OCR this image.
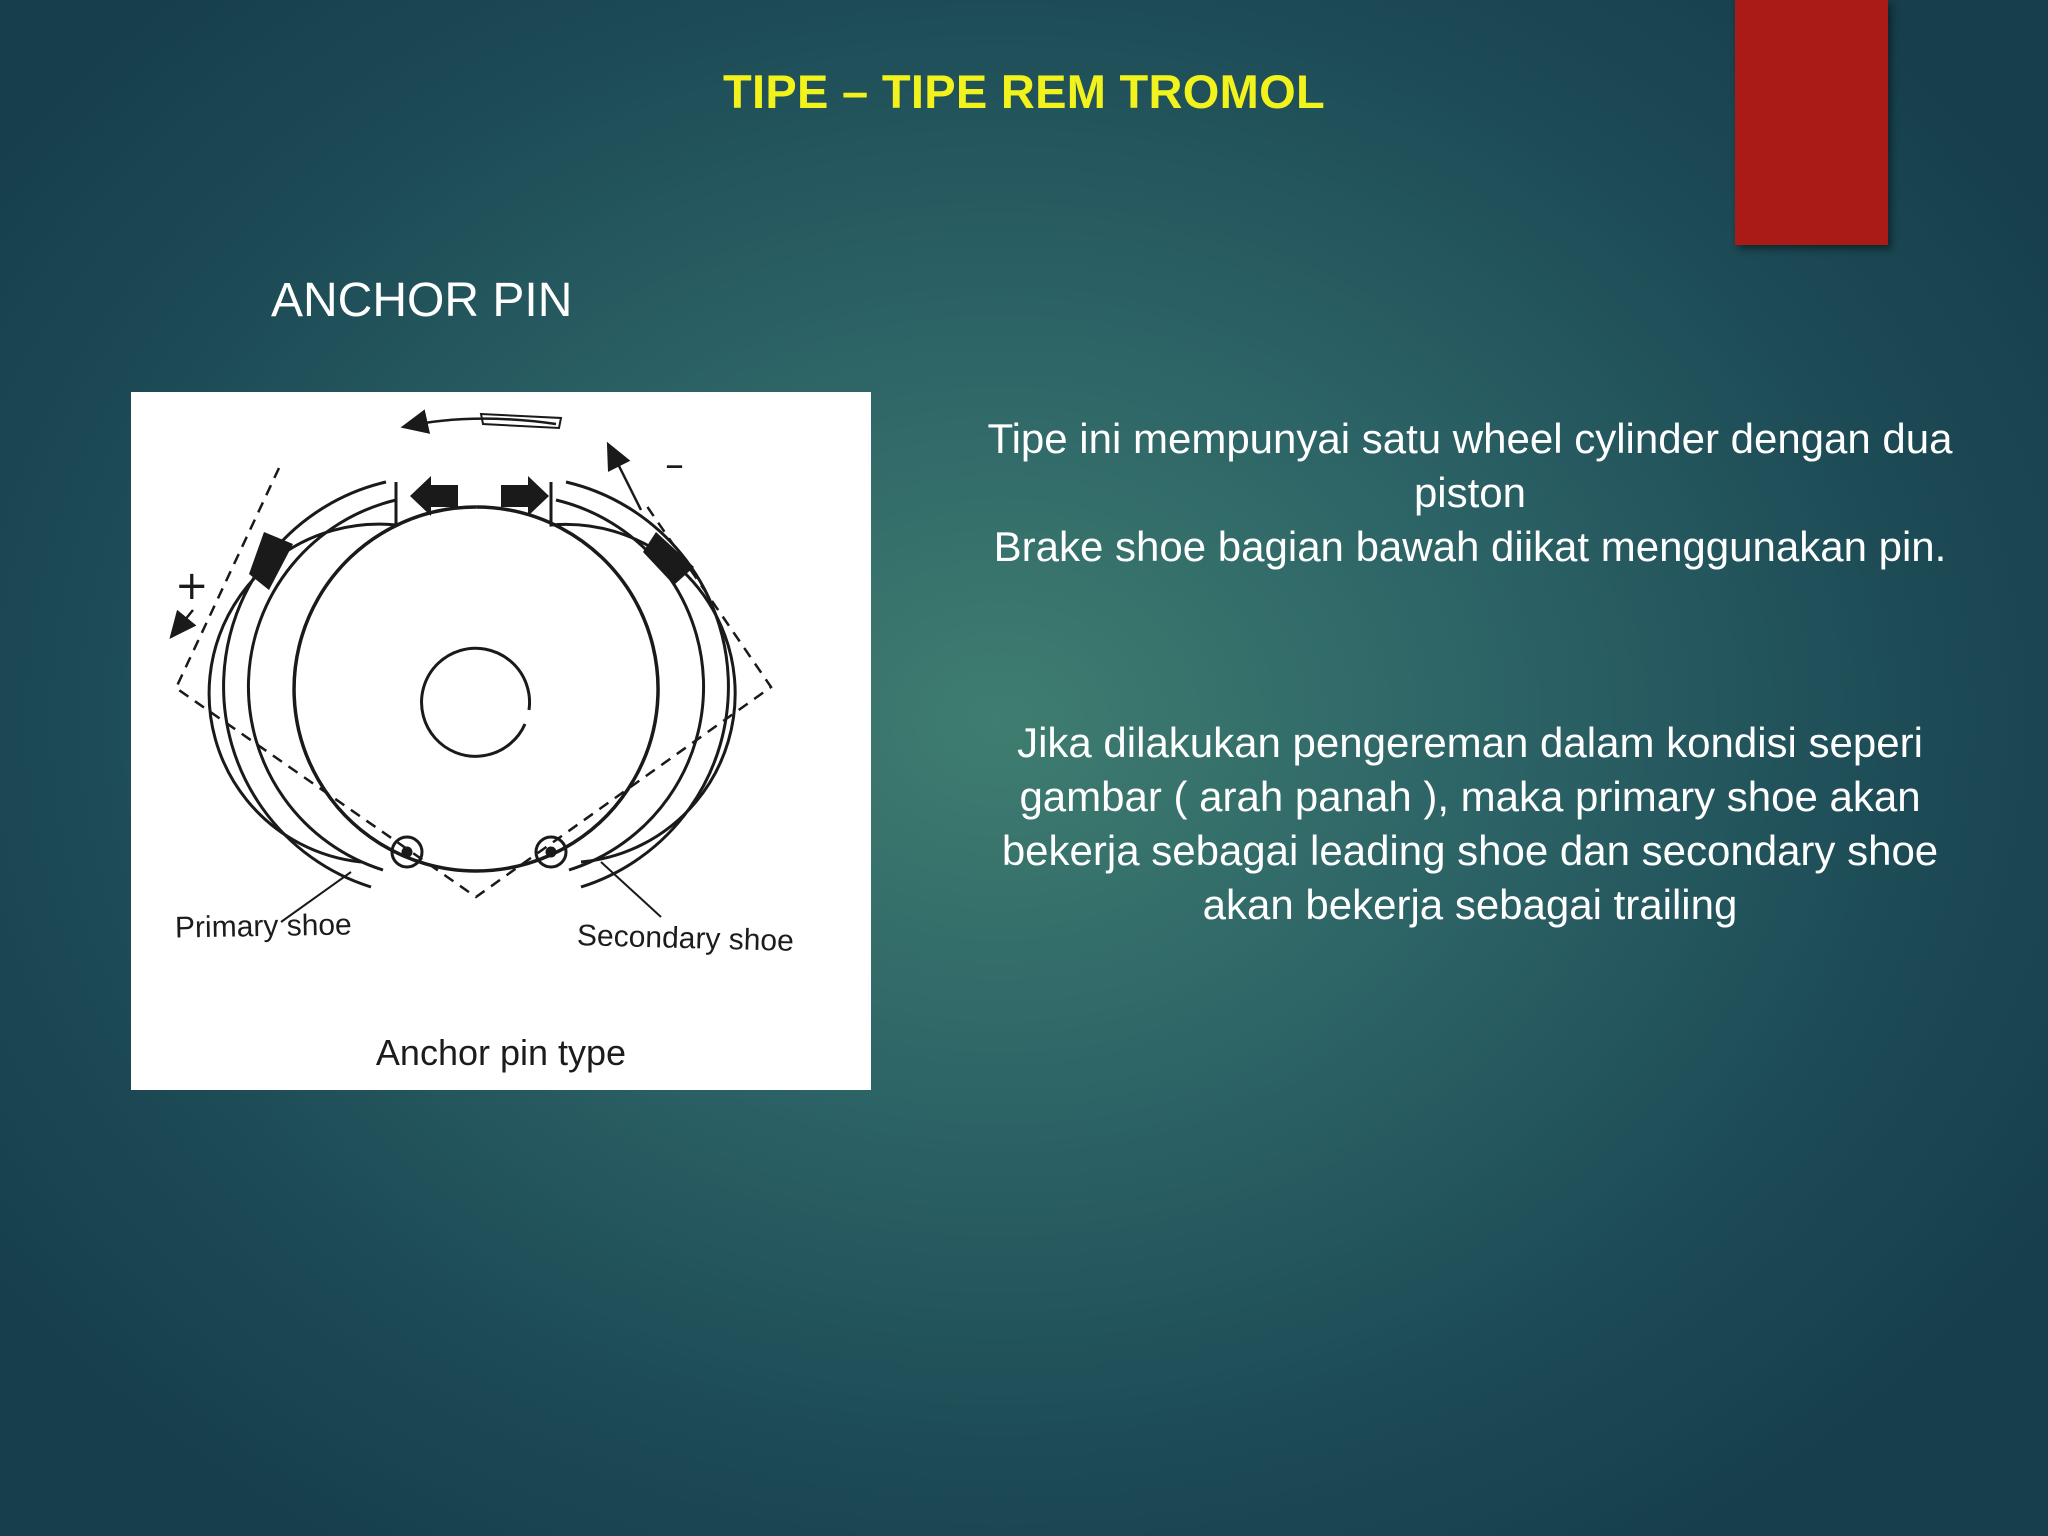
TIPE – TIPE REM TROMOL
ANCHOR PIN
+
–
Primary shoe	Secondary shoe
Anchor pin type
Tipe ini mempunyai satu wheel cylinder dengan dua
piston
Brake shoe bagian bawah diikat menggunakan pin.
Jika dilakukan pengereman dalam kondisi seperi
gambar ( arah panah ), maka primary shoe akan
bekerja sebagai leading shoe dan secondary shoe
akan bekerja sebagai trailing
